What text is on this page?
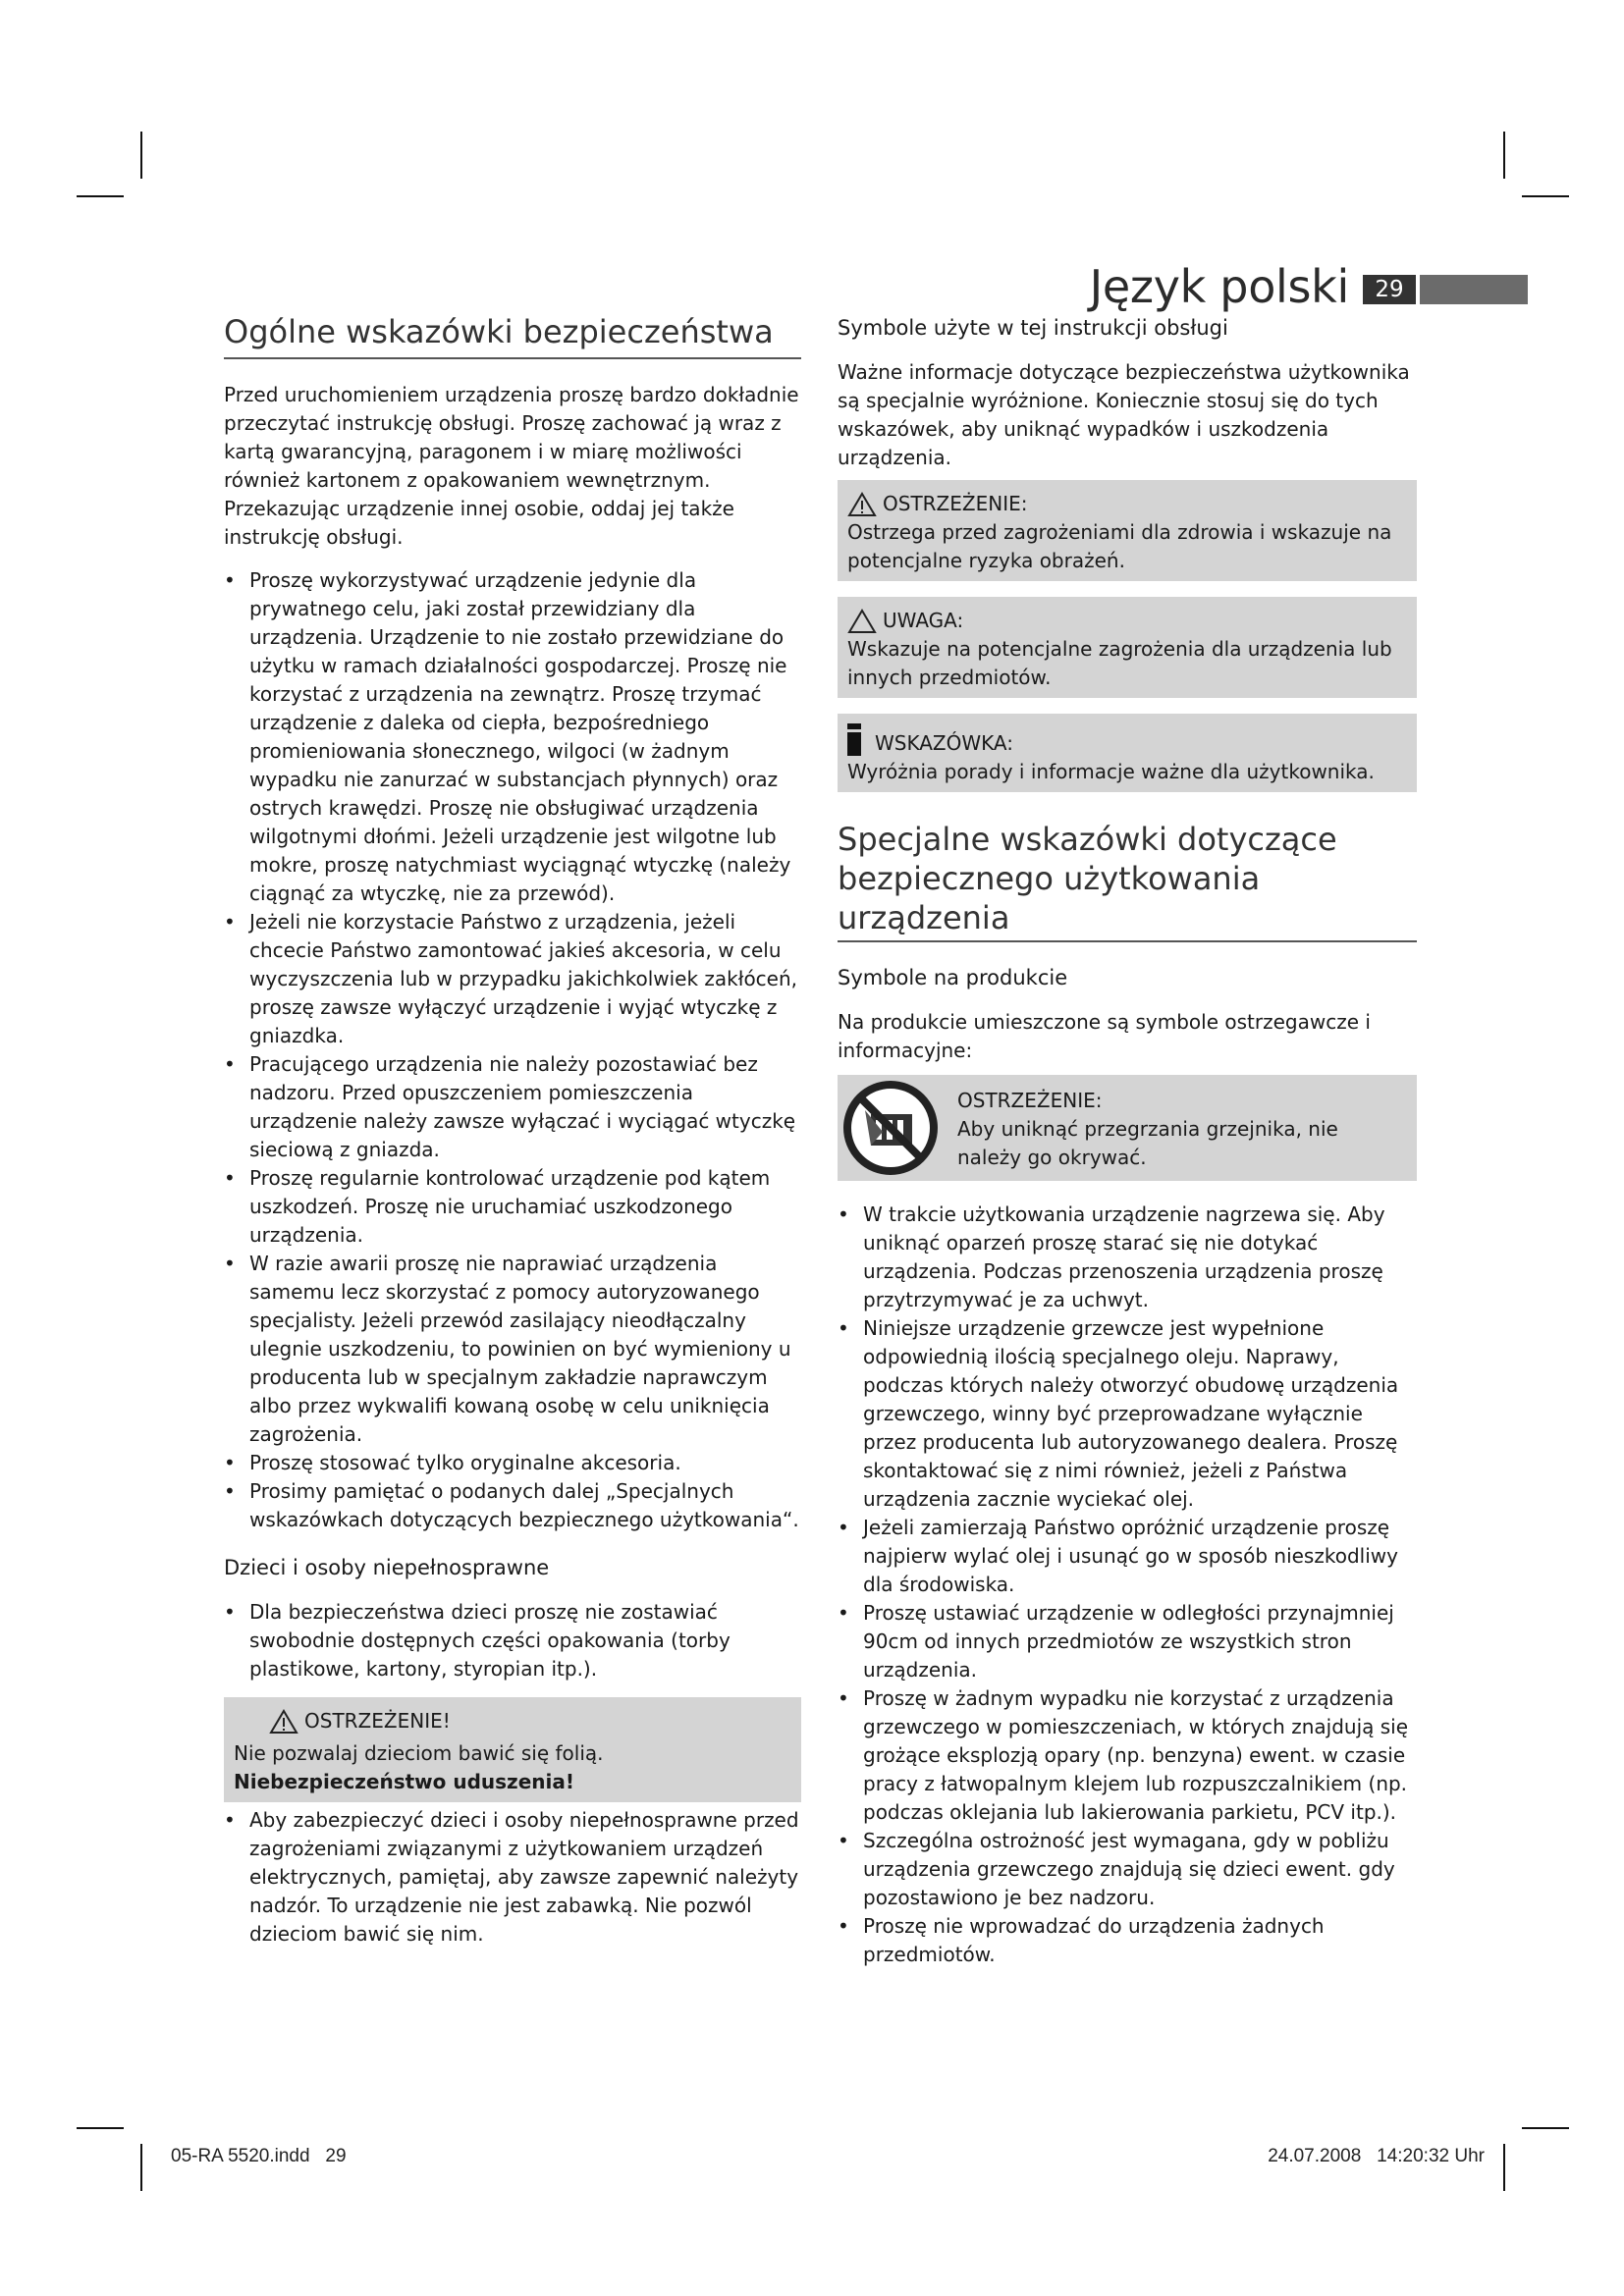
Język polski	29
Ogólne wskazówki bezpieczeństwa

Przed uruchomieniem urządzenia proszę bardzo dokładnie przeczytać instrukcję obsługi. Proszę zachować ją wraz z kartą gwarancyjną, paragonem i w miarę możliwości również kartonem z opakowaniem wewnętrznym. Przekazując urządzenie innej osobie, oddaj jej także instrukcję obsługi.

• Proszę wykorzystywać urządzenie jedynie dla prywatnego celu, jaki został przewidziany dla urządzenia. Urządzenie to nie zostało przewidziane do użytku w ramach działalności gospodarczej. Proszę nie korzystać z urządzenia na zewnątrz. Proszę trzymać urządzenie z daleka od ciepła, bezpośredniego promieniowania słonecznego, wilgoci (w żadnym wypadku nie zanurzać w substancjach płynnych) oraz ostrych krawędzi. Proszę nie obsługiwać urządzenia wilgotnymi dłońmi. Jeżeli urządzenie jest wilgotne lub mokre, proszę natychmiast wyciągnąć wtyczkę (należy ciągnąć za wtyczkę, nie za przewód).
• Jeżeli nie korzystacie Państwo z urządzenia, jeżeli chcecie Państwo zamontować jakieś akcesoria, w celu wyczyszczenia lub w przypadku jakichkolwiek zakłóceń, proszę zawsze wyłączyć urządzenie i wyjąć wtyczkę z gniazdka.
• Pracującego urządzenia nie należy pozostawiać bez nadzoru. Przed opuszczeniem pomieszczenia urządzenie należy zawsze wyłączać i wyciągać wtyczkę sieciową z gniazda.
• Proszę regularnie kontrolować urządzenie pod kątem uszkodzeń. Proszę nie uruchamiać uszkodzonego urządzenia.
• W razie awarii proszę nie naprawiać urządzenia samemu lecz skorzystać z pomocy autoryzowanego specjalisty. Jeżeli przewód zasilający nieodłączalny ulegnie uszkodzeniu, to powinien on być wymieniony u producenta lub w specjalnym zakładzie naprawczym albo przez wykwalifi kowaną osobę w celu uniknięcia zagrożenia.
• Proszę stosować tylko oryginalne akcesoria.
• Prosimy pamiętać o podanych dalej „Specjalnych wskazówkach dotyczących bezpiecznego użytkowania“.
Dzieci i osoby niepełnosprawne
• Dla bezpieczeństwa dzieci proszę nie zostawiać swobodnie dostępnych części opakowania (torby plastikowe, kartony, styropian itp.).
OSTRZEŻENIE!
Nie pozwalaj dzieciom bawić się folią.
Niebezpieczeństwo uduszenia!
• Aby zabezpieczyć dzieci i osoby niepełnosprawne przed zagrożeniami związanymi z użytkowaniem urządzeń elektrycznych, pamiętaj, aby zawsze zapewnić należyty nadzór. To urządzenie nie jest zabawką. Nie pozwól dzieciom bawić się nim.
Symbole użyte w tej instrukcji obsługi

Ważne informacje dotyczące bezpieczeństwa użytkownika są specjalnie wyróżnione. Koniecznie stosuj się do tych wskazówek, aby uniknąć wypadków i uszkodzenia urządzenia.

OSTRZEŻENIE:
Ostrzega przed zagrożeniami dla zdrowia i wskazuje na potencjalne ryzyka obrażeń.
UWAGA:
Wskazuje na potencjalne zagrożenia dla urządzenia lub innych przedmiotów.
WSKAZÓWKA:
Wyróżnia porady i informacje ważne dla użytkownika.
Specjalne wskazówki dotyczące
bezpiecznego użytkowania urządzenia
Symbole na produkcie

Na produkcie umieszczone są symbole ostrzegawcze i informacyjne:

OSTRZEŻENIE:
Aby uniknąć przegrzania grzejnika, nie należy go okrywać.
• W trakcie użytkowania urządzenie nagrzewa się. Aby uniknąć oparzeń proszę starać się nie dotykać urządzenia. Podczas przenoszenia urządzenia proszę przytrzymywać je za uchwyt.
• Niniejsze urządzenie grzewcze jest wypełnione odpowiednią ilością specjalnego oleju. Naprawy, podczas których należy otworzyć obudowę urządzenia grzewczego, winny być przeprowadzane wyłącznie przez producenta lub autoryzowanego dealera. Proszę skontaktować się z nimi również, jeżeli z Państwa urządzenia zacznie wyciekać olej.
• Jeżeli zamierzają Państwo opróżnić urządzenie proszę najpierw wylać olej i usunąć go w sposób nieszkodliwy dla środowiska.
• Proszę ustawiać urządzenie w odległości przynajmniej 90cm od innych przedmiotów ze wszystkich stron urządzenia.
• Proszę w żadnym wypadku nie korzystać z urządzenia grzewczego w pomieszczeniach, w których znajdują się grożące eksplozją opary (np. benzyna) ewent. w czasie pracy z łatwopalnym klejem lub rozpuszczalnikiem (np. podczas oklejania lub lakierowania parkietu, PCV itp.).
• Szczególna ostrożność jest wymagana, gdy w pobliżu urządzenia grzewczego znajdują się dzieci ewent. gdy pozostawiono je bez nadzoru.
• Proszę nie wprowadzać do urządzenia żadnych przedmiotów.
05-RA 5520.indd   29	24.07.2008   14:20:32 Uhr
